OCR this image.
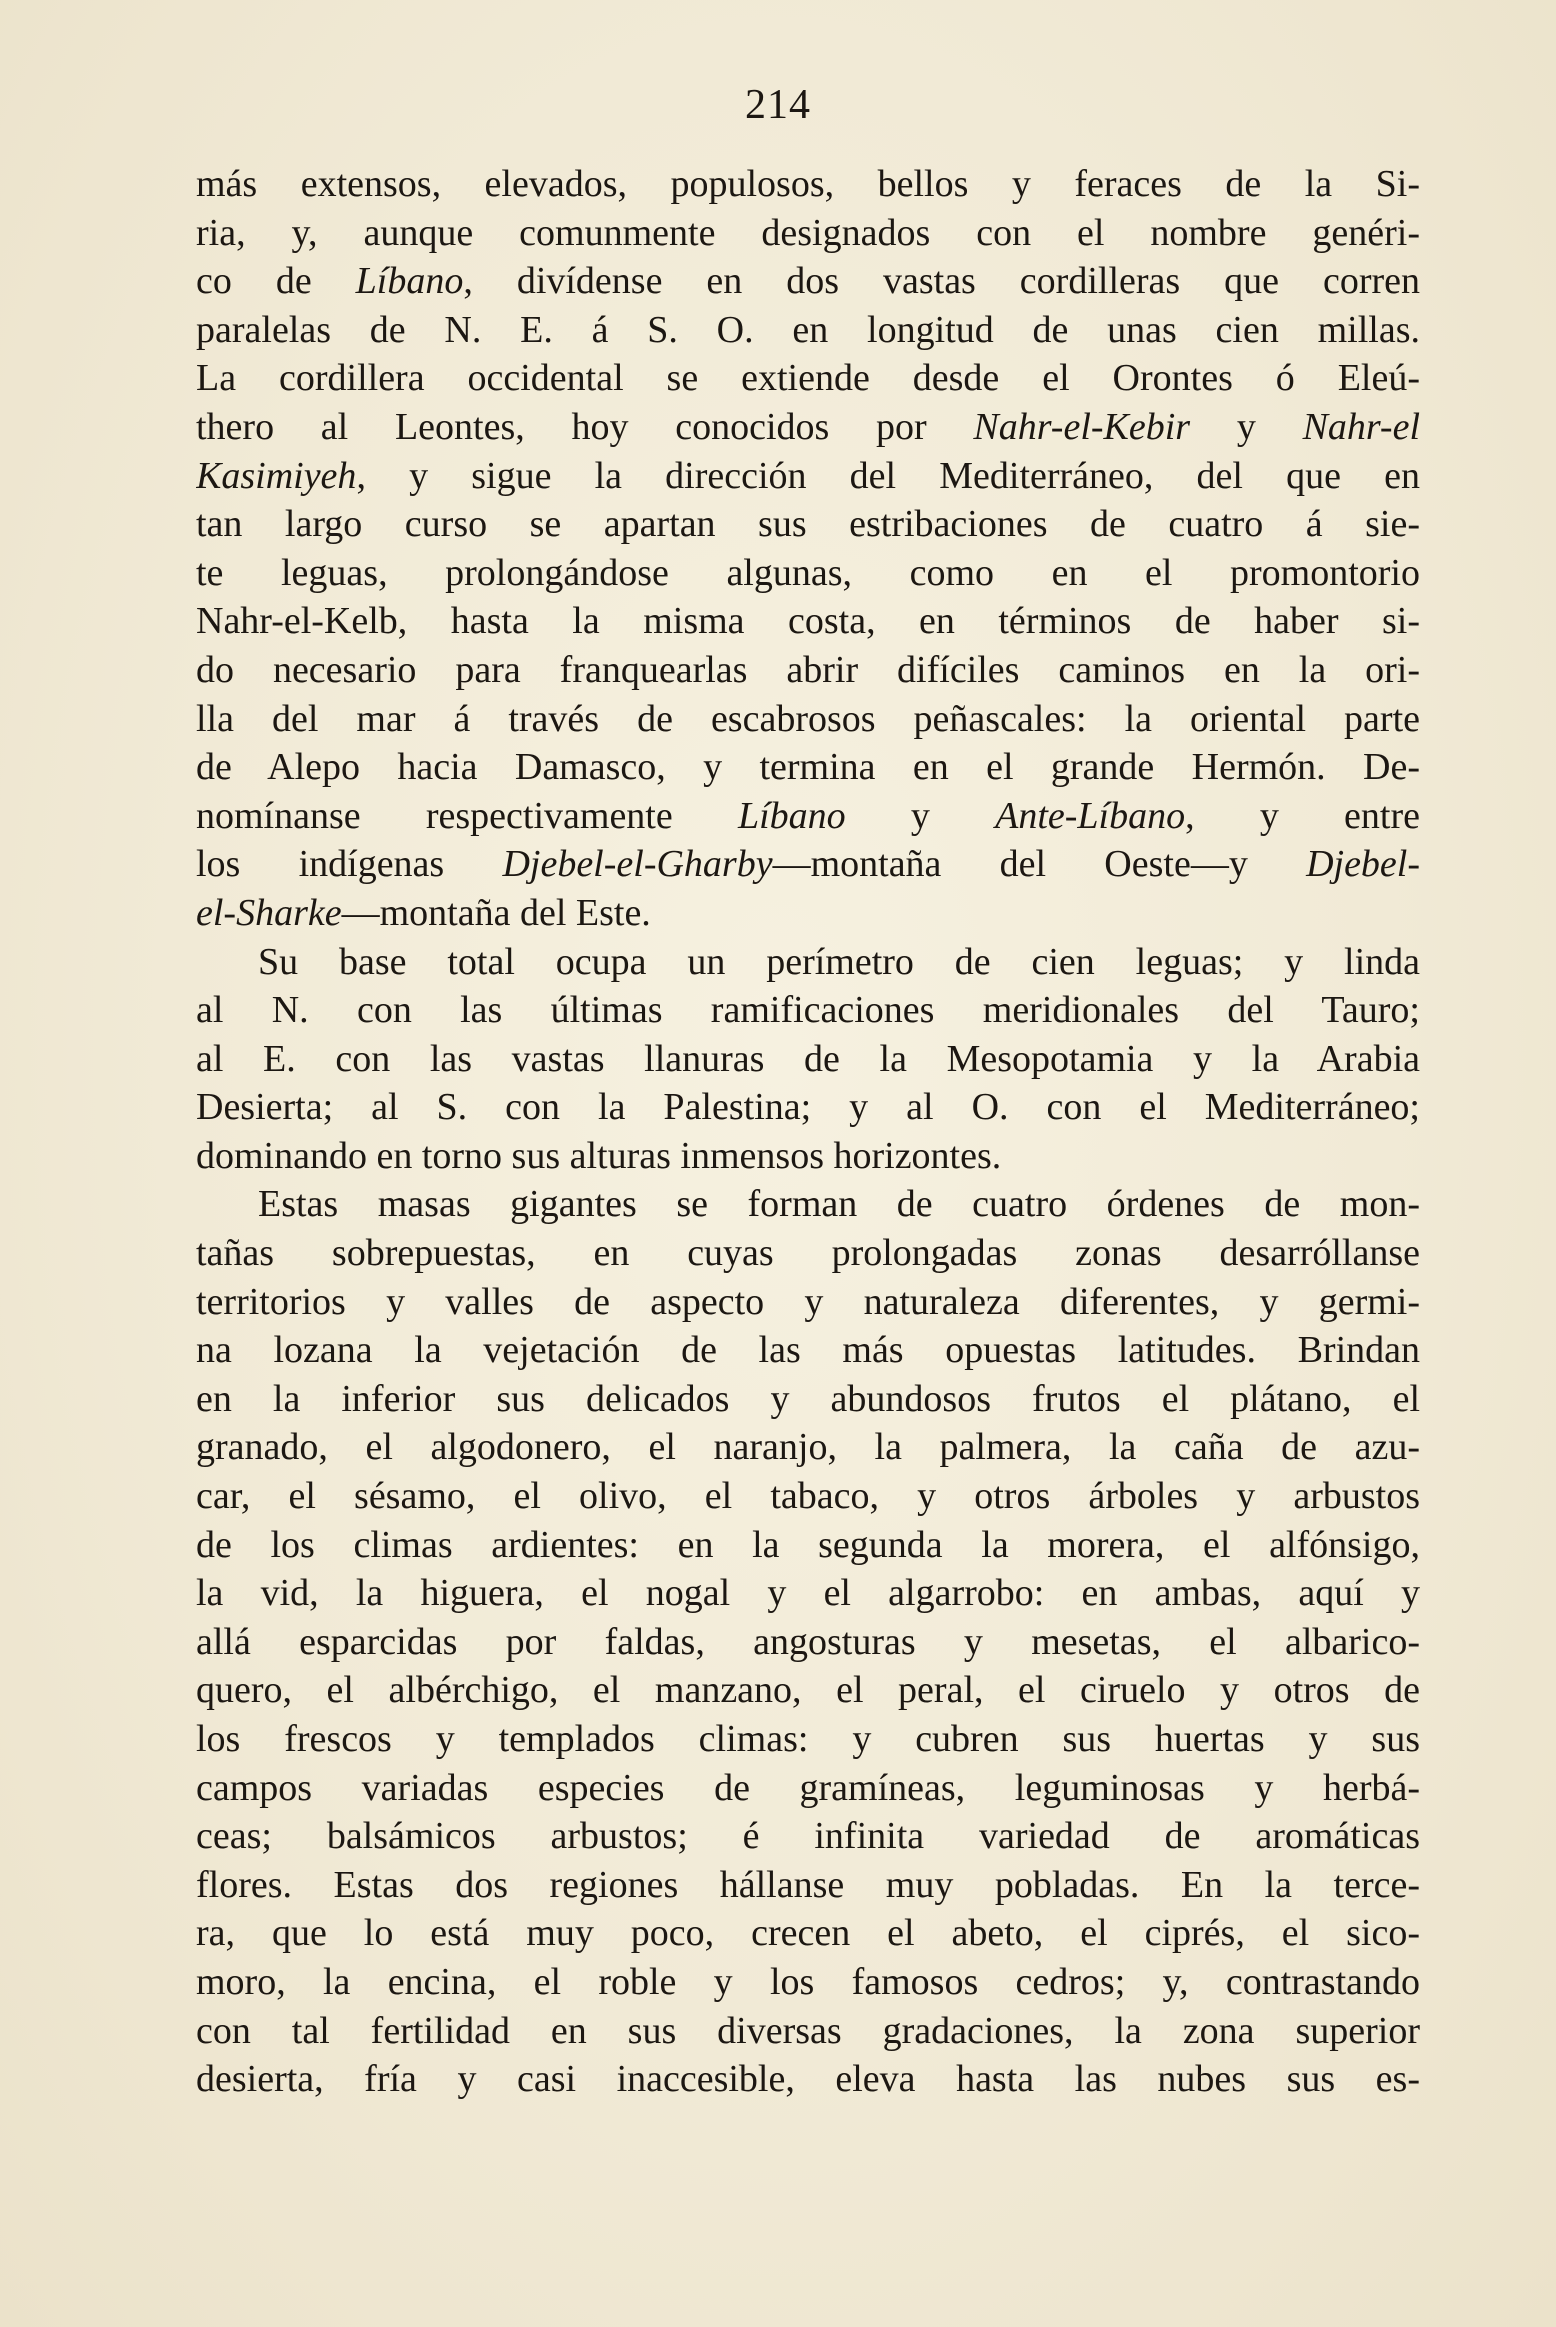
214
más extensos, elevados, populosos, bellos y feraces de la Si-
ria, y, aunque comunmente designados con el nombre genéri-
co de Líbano, divídense en dos vastas cordilleras que corren
paralelas de N. E. á S. O. en longitud de unas cien millas.
La cordillera occidental se extiende desde el Orontes ó Eleú-
thero al Leontes, hoy conocidos por Nahr-el-Kebir y Nahr-el
Kasimiyeh, y sigue la dirección del Mediterráneo, del que en
tan largo curso se apartan sus estribaciones de cuatro á sie-
te leguas, prolongándose algunas, como en el promontorio
Nahr-el-Kelb, hasta la misma costa, en términos de haber si-
do necesario para franquearlas abrir difíciles caminos en la ori-
lla del mar á través de escabrosos peñascales: la oriental parte
de Alepo hacia Damasco, y termina en el grande Hermón. De-
nomínanse respectivamente Líbano y Ante-Líbano, y entre
los indígenas Djebel-el-Gharby—montaña del Oeste—y Djebel-
el-Sharke—montaña del Este.
Su base total ocupa un perímetro de cien leguas; y linda
al N. con las últimas ramificaciones meridionales del Tauro;
al E. con las vastas llanuras de la Mesopotamia y la Arabia
Desierta; al S. con la Palestina; y al O. con el Mediterráneo;
dominando en torno sus alturas inmensos horizontes.
Estas masas gigantes se forman de cuatro órdenes de mon-
tañas sobrepuestas, en cuyas prolongadas zonas desarróllanse
territorios y valles de aspecto y naturaleza diferentes, y germi-
na lozana la vejetación de las más opuestas latitudes. Brindan
en la inferior sus delicados y abundosos frutos el plátano, el
granado, el algodonero, el naranjo, la palmera, la caña de azu-
car, el sésamo, el olivo, el tabaco, y otros árboles y arbustos
de los climas ardientes: en la segunda la morera, el alfónsigo,
la vid, la higuera, el nogal y el algarrobo: en ambas, aquí y
allá esparcidas por faldas, angosturas y mesetas, el albarico-
quero, el albérchigo, el manzano, el peral, el ciruelo y otros de
los frescos y templados climas: y cubren sus huertas y sus
campos variadas especies de gramíneas, leguminosas y herbá-
ceas; balsámicos arbustos; é infinita variedad de aromáticas
flores. Estas dos regiones hállanse muy pobladas. En la terce-
ra, que lo está muy poco, crecen el abeto, el ciprés, el sico-
moro, la encina, el roble y los famosos cedros; y, contrastando
con tal fertilidad en sus diversas gradaciones, la zona superior
desierta, fría y casi inaccesible, eleva hasta las nubes sus es-
